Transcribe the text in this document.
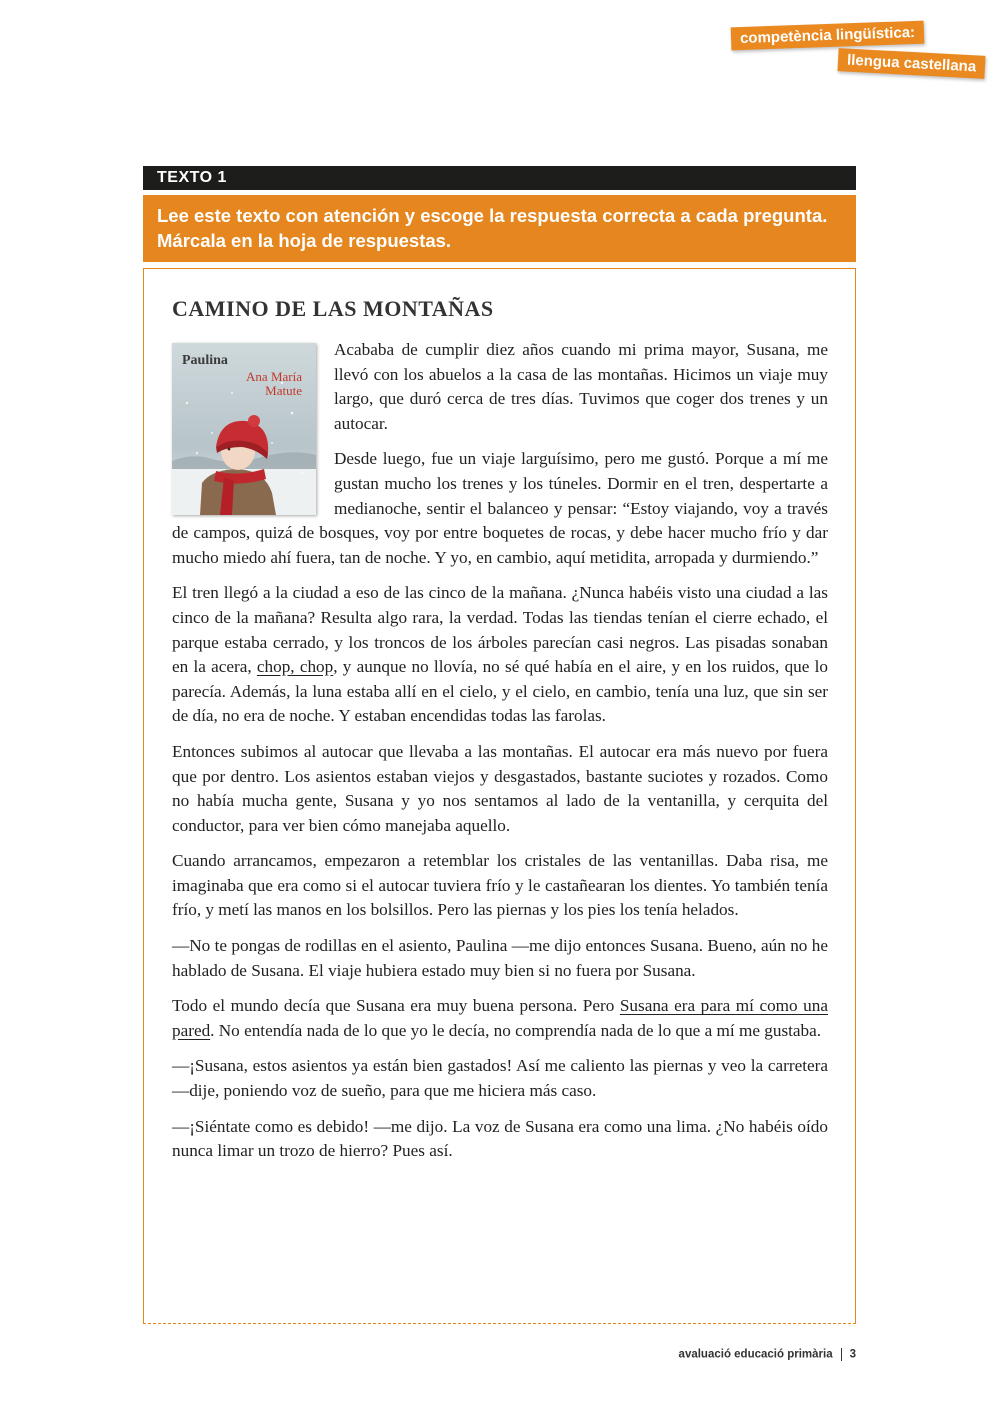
competència lingüística:
llengua castellana
TEXTO 1
Lee este texto con atención y escoge la respuesta correcta a cada pregunta. Márcala en la hoja de respuestas.
CAMINO DE LAS MONTAÑAS
Paulina
Ana María
Matute

Acababa de cumplir diez años cuando mi prima mayor, Susana, me llevó con los abuelos a la casa de las montañas. Hicimos un viaje muy largo, que duró cerca de tres días. Tuvimos que coger dos trenes y un autocar.

Desde luego, fue un viaje larguísimo, pero me gustó. Porque a mí me gustan mucho los trenes y los túneles. Dormir en el tren, despertarte a medianoche, sentir el balanceo y pensar: “Estoy viajando, voy a través de campos, quizá de bosques, voy por entre boquetes de rocas, y debe hacer mucho frío y dar mucho miedo ahí fuera, tan de noche. Y yo, en cambio, aquí metidita, arropada y durmiendo.”

El tren llegó a la ciudad a eso de las cinco de la mañana. ¿Nunca habéis visto una ciudad a las cinco de la mañana? Resulta algo rara, la verdad. Todas las tiendas tenían el cierre echado, el parque estaba cerrado, y los troncos de los árboles parecían casi negros. Las pisadas sonaban en la acera, chop, chop, y aunque no llovía, no sé qué había en el aire, y en los ruidos, que lo parecía. Además, la luna estaba allí en el cielo, y el cielo, en cambio, tenía una luz, que sin ser de día, no era de noche. Y estaban encendidas todas las farolas.

Entonces subimos al autocar que llevaba a las montañas. El autocar era más nuevo por fuera que por dentro. Los asientos estaban viejos y desgastados, bastante suciotes y rozados. Como no había mucha gente, Susana y yo nos sentamos al lado de la ventanilla, y cerquita del conductor, para ver bien cómo manejaba aquello.

Cuando arrancamos, empezaron a retemblar los cristales de las ventanillas. Daba risa, me imaginaba que era como si el autocar tuviera frío y le castañearan los dientes. Yo también tenía frío, y metí las manos en los bolsillos. Pero las piernas y los pies los tenía helados.

—No te pongas de rodillas en el asiento, Paulina —me dijo entonces Susana. Bueno, aún no he hablado de Susana. El viaje hubiera estado muy bien si no fuera por Susana.

Todo el mundo decía que Susana era muy buena persona. Pero Susana era para mí como una pared. No entendía nada de lo que yo le decía, no comprendía nada de lo que a mí me gustaba.

—¡Susana, estos asientos ya están bien gastados! Así me caliento las piernas y veo la carretera —dije, poniendo voz de sueño, para que me hiciera más caso.

—¡Siéntate como es debido! —me dijo. La voz de Susana era como una lima. ¿No habéis oído nunca limar un trozo de hierro? Pues así.

avaluació educació primària 3
